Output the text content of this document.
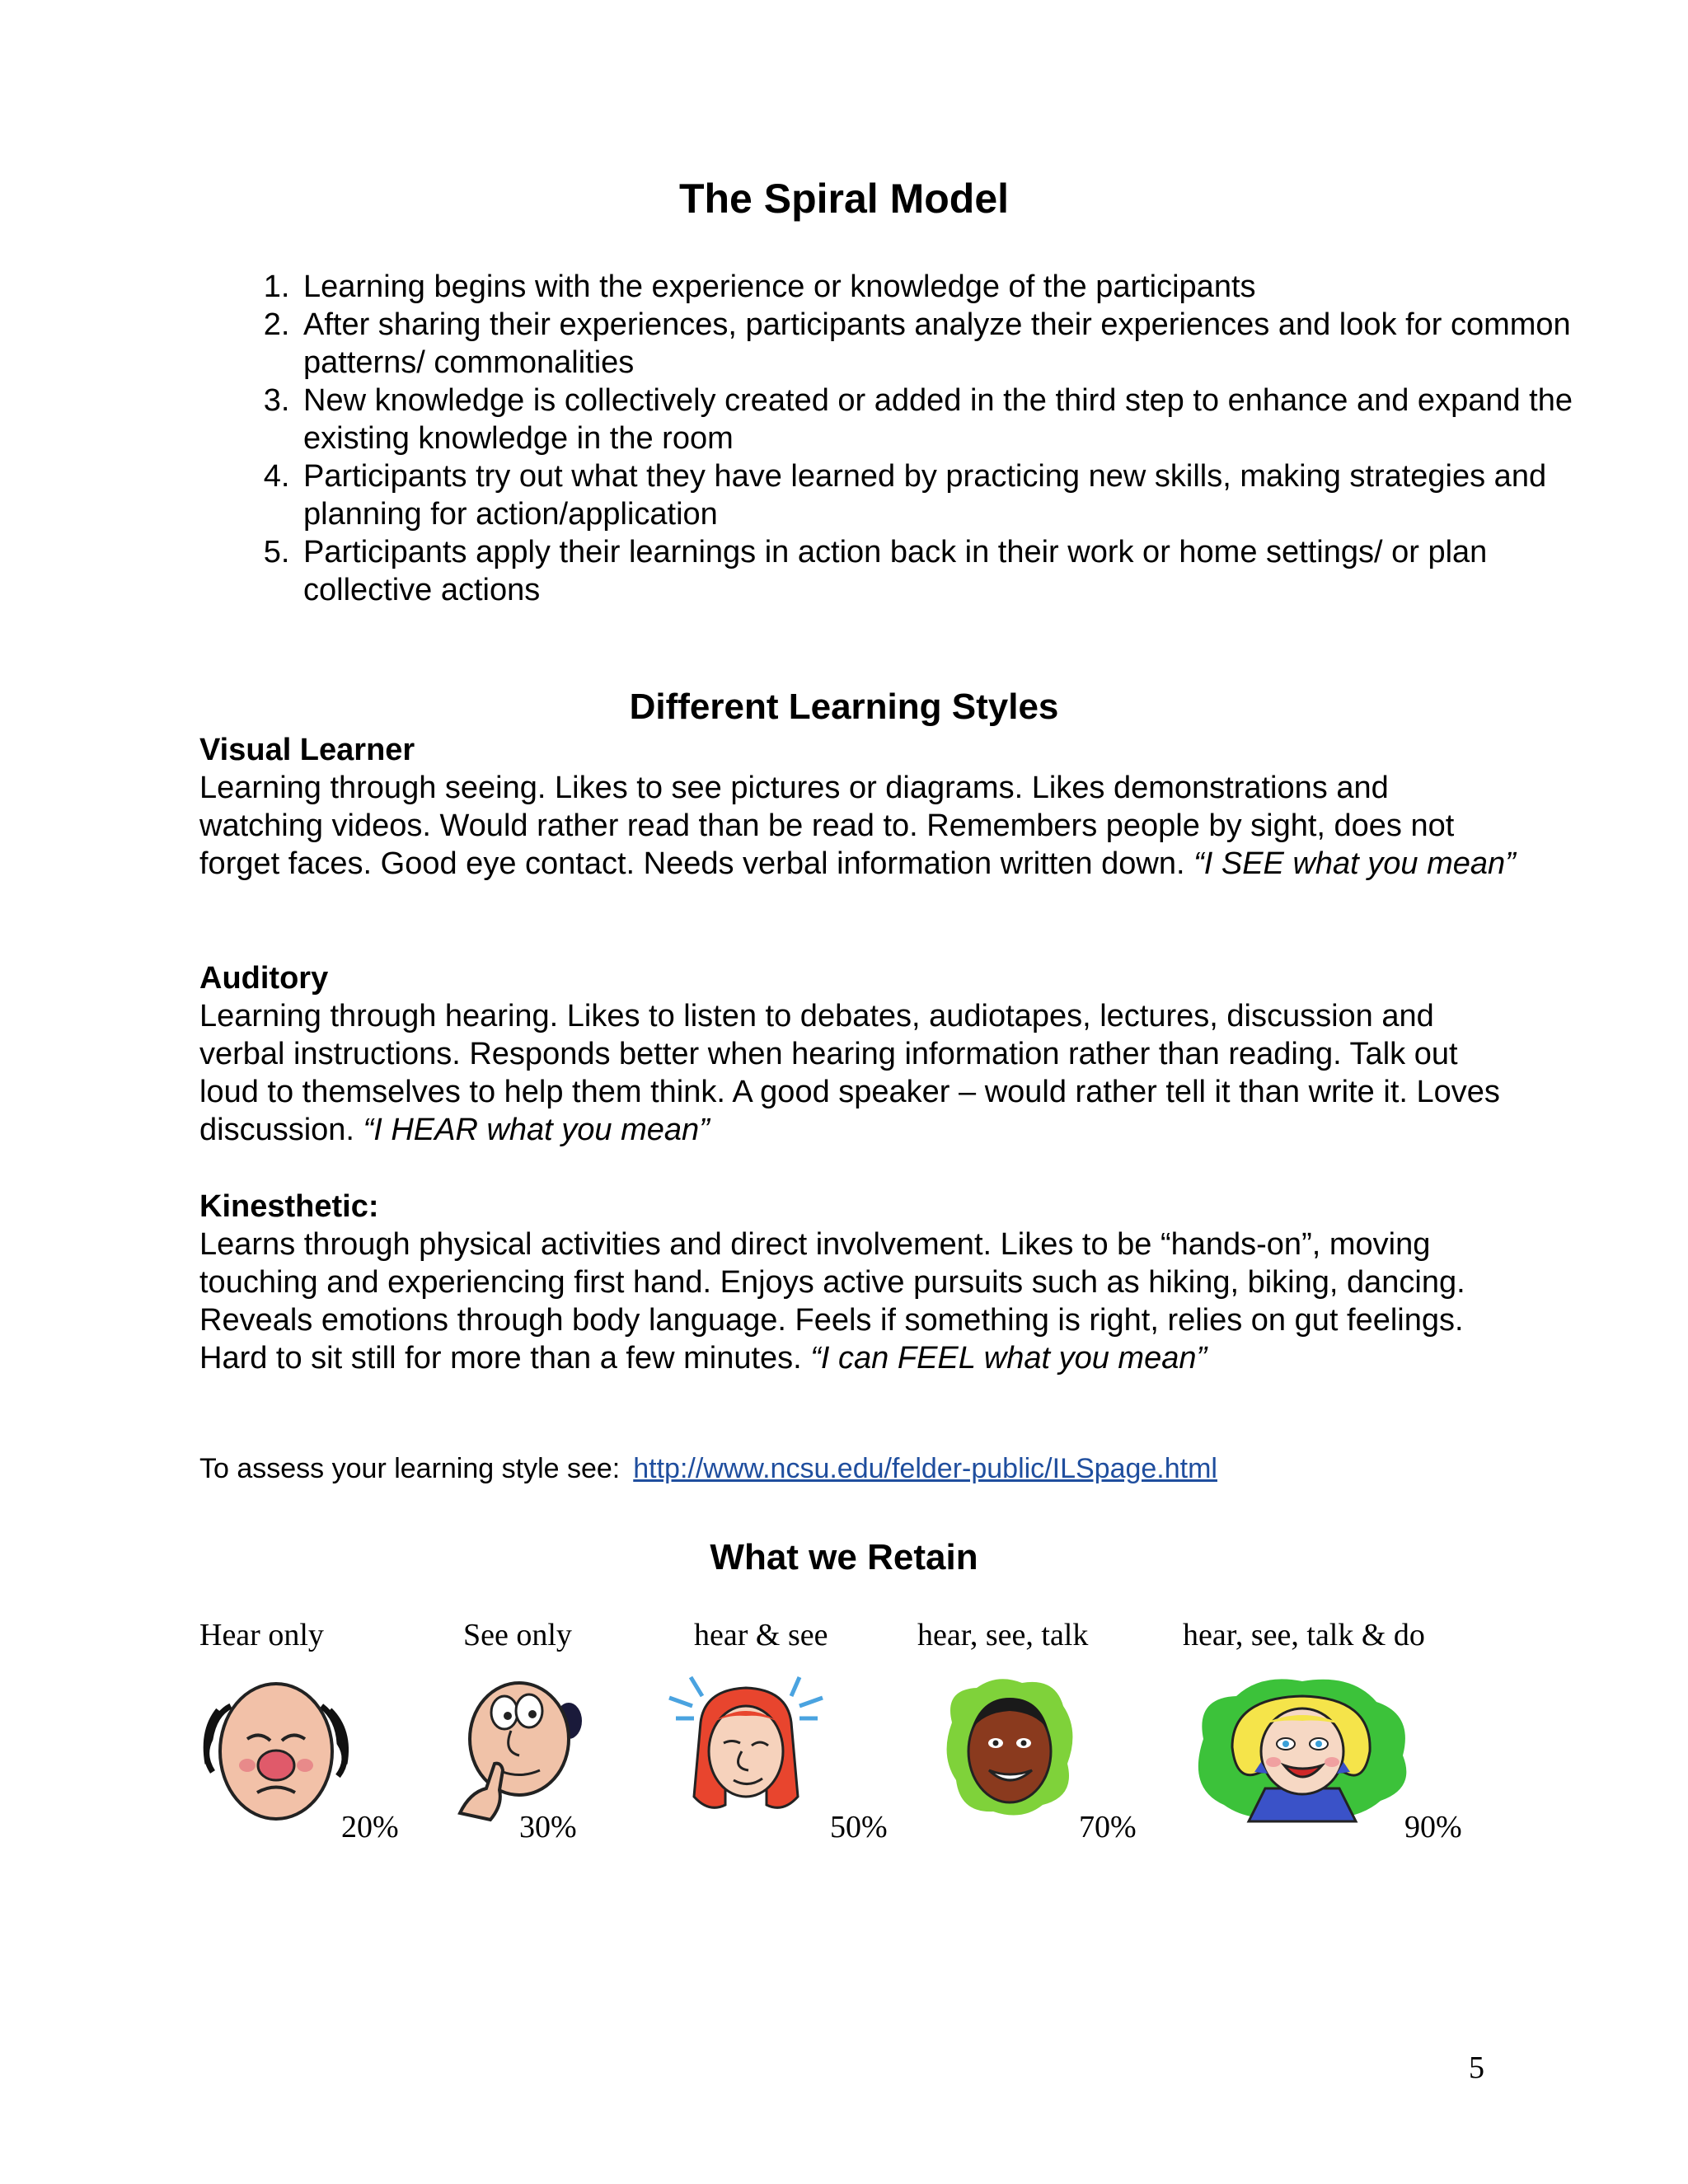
The Spiral Model
1. Learning begins with the experience or knowledge of the participants
2. After sharing their experiences, participants analyze their experiences and look for common patterns/ commonalities
3. New knowledge is collectively created or added in the third step to enhance and expand the existing knowledge in the room
4. Participants try out what they have learned by practicing new skills, making strategies and planning for action/application
5. Participants apply their learnings in action back in their work or home settings/ or plan collective actions
Different Learning Styles
Visual Learner
Learning through seeing. Likes to see pictures or diagrams. Likes demonstrations and watching videos. Would rather read than be read to. Remembers people by sight, does not forget faces. Good eye contact. Needs verbal information written down. “I SEE what you mean”
Auditory
Learning through hearing. Likes to listen to debates, audiotapes, lectures, discussion and verbal instructions. Responds better when hearing information rather than reading. Talk out loud to themselves to help them think. A good speaker – would rather tell it than write it. Loves discussion. “I HEAR what you mean”
Kinesthetic:
Learns through physical activities and direct involvement. Likes to be “hands-on”, moving touching and experiencing first hand. Enjoys active pursuits such as hiking, biking, dancing. Reveals emotions through body language. Feels if something is right, relies on gut feelings. Hard to sit still for more than a few minutes. “I can FEEL what you mean”
To assess your learning style see: http://www.ncsu.edu/felder-public/ILSpage.html
What we Retain
Hear only	See only	hear & see	hear, see, talk	hear, see, talk & do
20%	30%	50%	70%	90%
5
